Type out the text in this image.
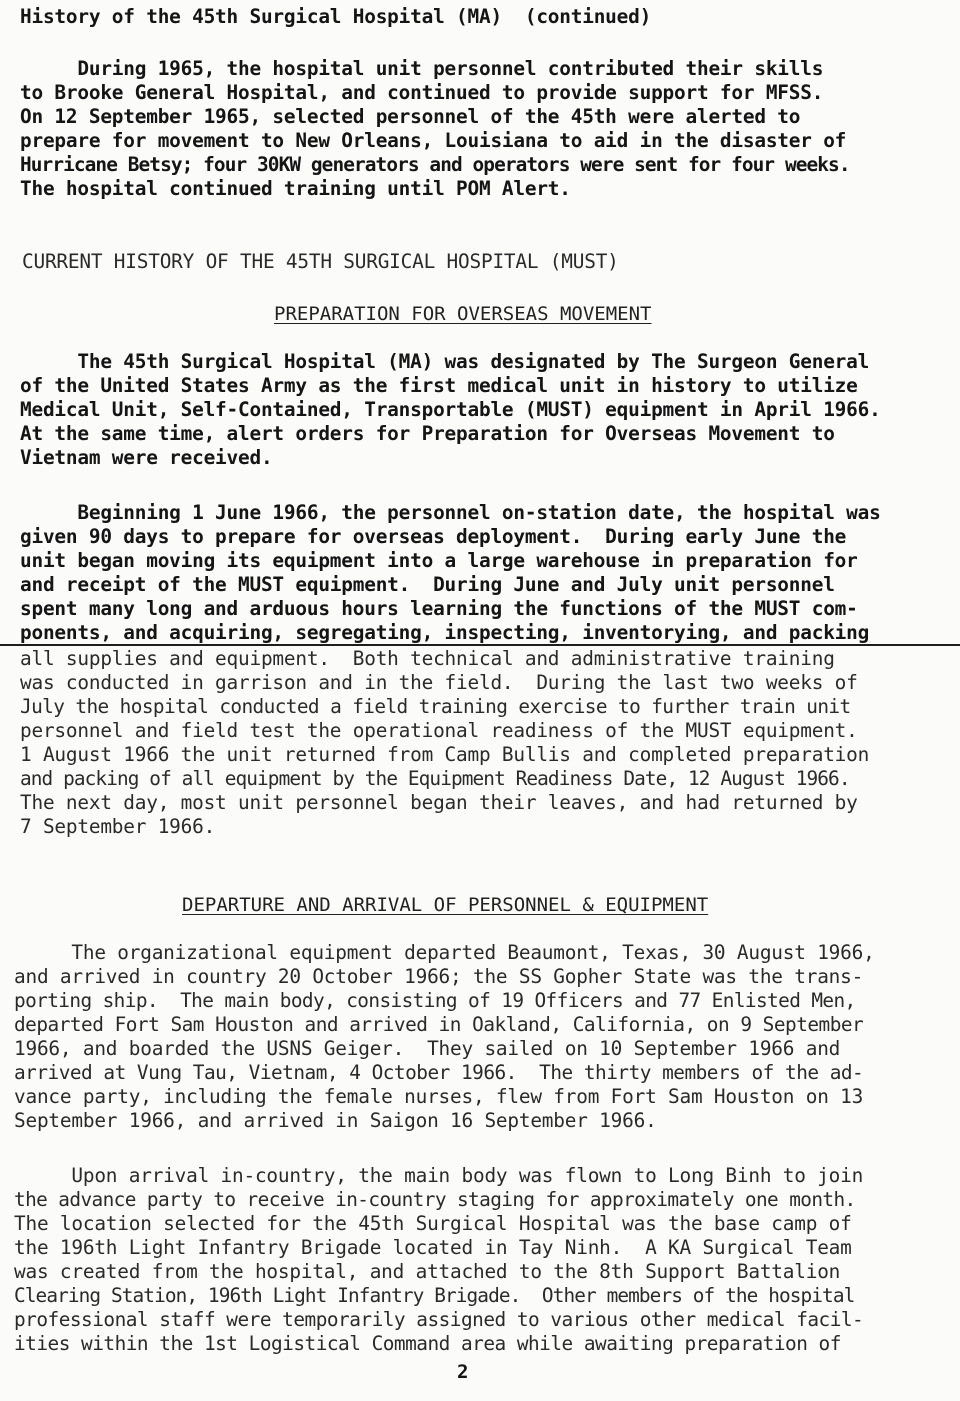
History of the 45th Surgical Hospital (MA)  (continued)
During 1965, the hospital unit personnel contributed their skills
to Brooke General Hospital, and continued to provide support for MFSS.
On 12 September 1965, selected personnel of the 45th were alerted to
prepare for movement to New Orleans, Louisiana to aid in the disaster of
Hurricane Betsy; four 30KW generators and operators were sent for four weeks.
The hospital continued training until POM Alert.
CURRENT HISTORY OF THE 45TH SURGICAL HOSPITAL (MUST)
PREPARATION FOR OVERSEAS MOVEMENT
The 45th Surgical Hospital (MA) was designated by The Surgeon General
of the United States Army as the first medical unit in history to utilize
Medical Unit, Self-Contained, Transportable (MUST) equipment in April 1966.
At the same time, alert orders for Preparation for Overseas Movement to
Vietnam were received.
Beginning 1 June 1966, the personnel on-station date, the hospital was
given 90 days to prepare for overseas deployment.  During early June the
unit began moving its equipment into a large warehouse in preparation for
and receipt of the MUST equipment.  During June and July unit personnel
spent many long and arduous hours learning the functions of the MUST com-
ponents, and acquiring, segregating, inspecting, inventorying, and packing
all supplies and equipment.  Both technical and administrative training
was conducted in garrison and in the field.  During the last two weeks of
July the hospital conducted a field training exercise to further train unit
personnel and field test the operational readiness of the MUST equipment.
1 August 1966 the unit returned from Camp Bullis and completed preparation
and packing of all equipment by the Equipment Readiness Date, 12 August 1966.
The next day, most unit personnel began their leaves, and had returned by
7 September 1966.
DEPARTURE AND ARRIVAL OF PERSONNEL & EQUIPMENT
The organizational equipment departed Beaumont, Texas, 30 August 1966,
and arrived in country 20 October 1966; the SS Gopher State was the trans-
porting ship.  The main body, consisting of 19 Officers and 77 Enlisted Men,
departed Fort Sam Houston and arrived in Oakland, California, on 9 September
1966, and boarded the USNS Geiger.  They sailed on 10 September 1966 and
arrived at Vung Tau, Vietnam, 4 October 1966.  The thirty members of the ad-
vance party, including the female nurses, flew from Fort Sam Houston on 13
September 1966, and arrived in Saigon 16 September 1966.
Upon arrival in-country, the main body was flown to Long Binh to join
the advance party to receive in-country staging for approximately one month.
The location selected for the 45th Surgical Hospital was the base camp of
the 196th Light Infantry Brigade located in Tay Ninh.  A KA Surgical Team
was created from the hospital, and attached to the 8th Support Battalion
Clearing Station, 196th Light Infantry Brigade.  Other members of the hospital
professional staff were temporarily assigned to various other medical facil-
ities within the 1st Logistical Command area while awaiting preparation of
2
